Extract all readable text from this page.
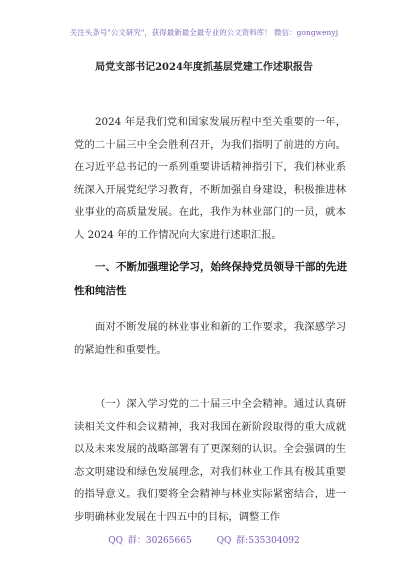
关注头条号"公文研究"，获得最新最全最专业的公文资料库！ 微信：gongwenyj
局党支部书记2024年度抓基层党建工作述职报告

2024 年是我们党和国家发展历程中至关重要的一年，党的二十届三中全会胜利召开，为我们指明了前进的方向。在习近平总书记的一系列重要讲话精神指引下，我们林业系统深入开展党纪学习教育，不断加强自身建设，积极推进林业事业的高质量发展。在此，我作为林业部门的一员，就本人 2024 年的工作情况向大家进行述职汇报。

一、不断加强理论学习，始终保持党员领导干部的先进性和纯洁性

面对不断发展的林业事业和新的工作要求，我深感学习的紧迫性和重要性。

（一）深入学习党的二十届三中全会精神。通过认真研读相关文件和会议精神，我对我国在新阶段取得的重大成就以及未来发展的战略部署有了更深刻的认识。全会强调的生态文明建设和绿色发展理念，对我们林业工作具有极其重要的指导意义。我们要将全会精神与林业实际紧密结合，进一步明确林业发展在十四五中的目标，调整工作

QQ 群：30265665	QQ 群:535304092
